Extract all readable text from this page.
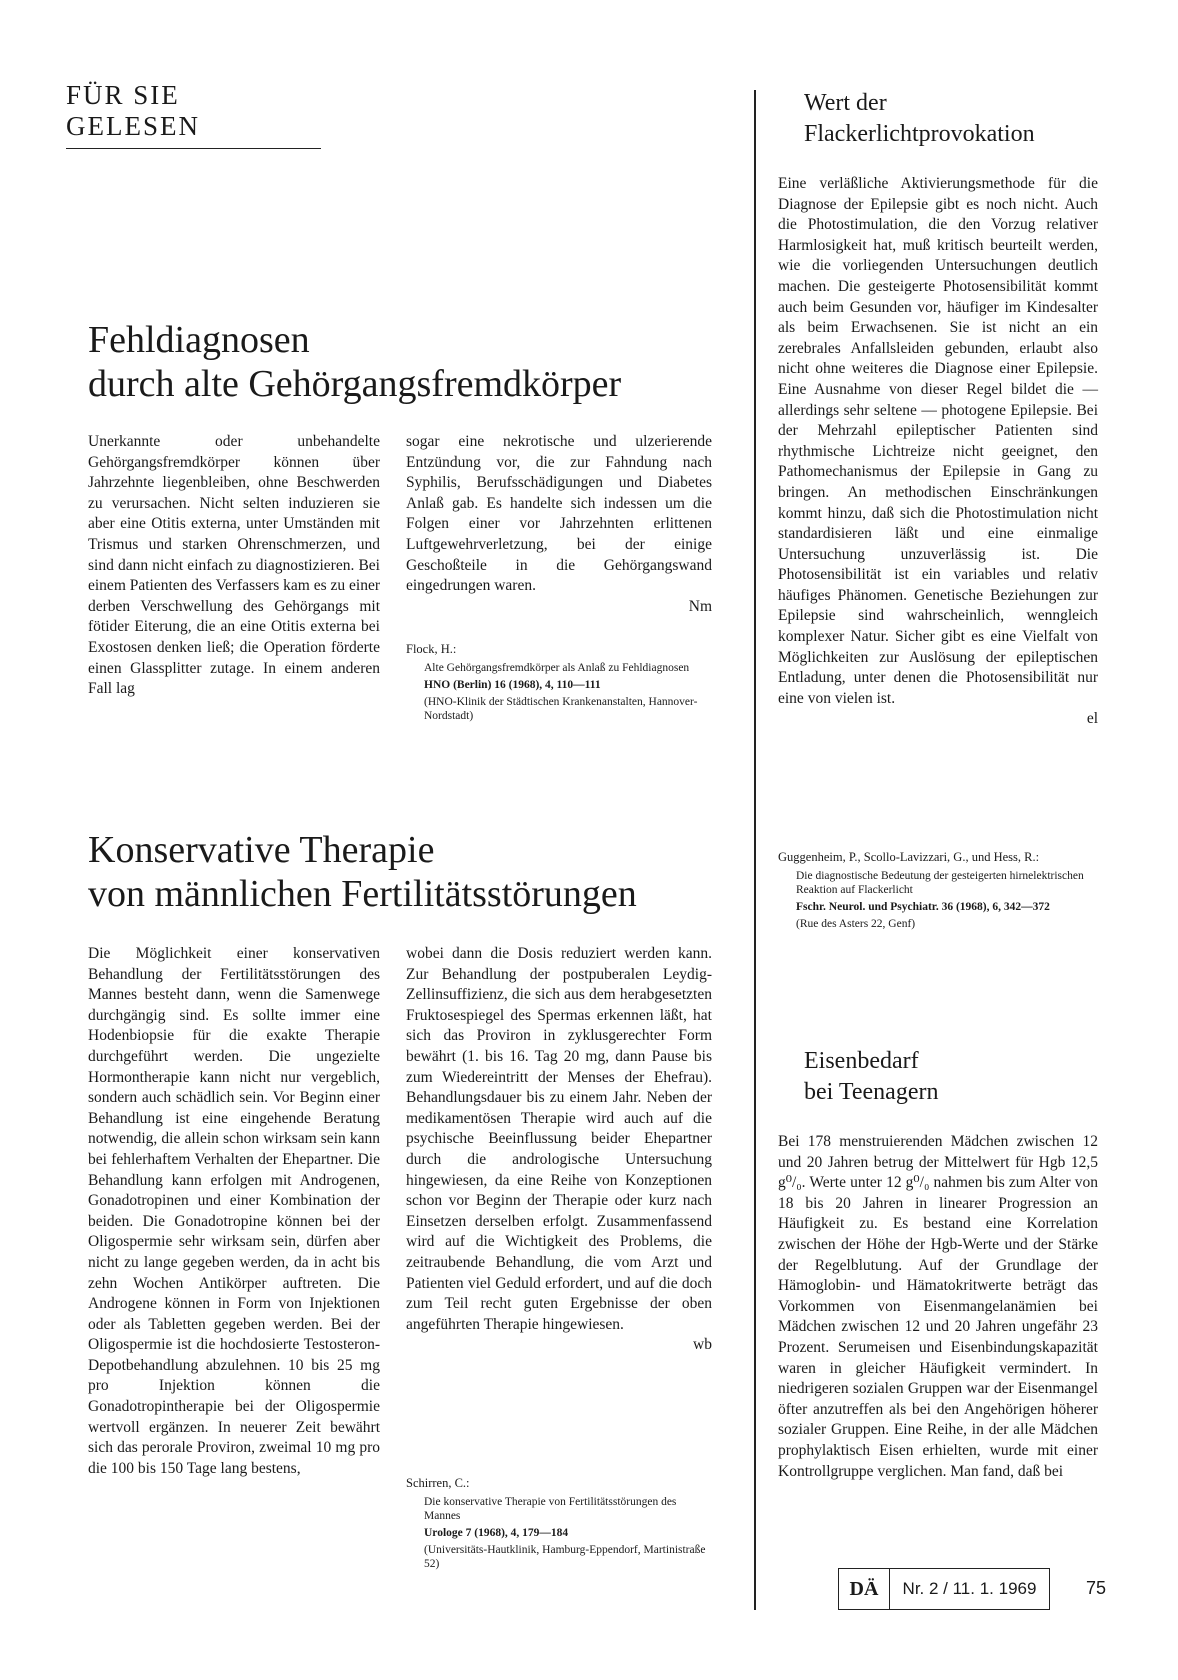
FÜR SIE GELESEN
Fehldiagnosen
durch alte Gehörgangsfremdkörper

Unerkannte oder unbehandelte Gehörgangsfremdkörper können über Jahrzehnte liegenbleiben, ohne Beschwerden zu verursachen. Nicht selten induzieren sie aber eine Otitis externa, unter Umständen mit Trismus und starken Ohrenschmerzen, und sind dann nicht einfach zu diagnostizieren. Bei einem Patienten des Verfassers kam es zu einer derben Verschwellung des Gehörgangs mit fötider Eiterung, die an eine Otitis externa bei Exostosen denken ließ; die Operation förderte einen Glassplitter zutage. In einem anderen Fall lag

sogar eine nekrotische und ulzerierende Entzündung vor, die zur Fahndung nach Syphilis, Berufsschädigungen und Diabetes Anlaß gab. Es handelte sich indessen um die Folgen einer vor Jahrzehnten erlittenen Luftgewehrverletzung, bei der einige Geschoßteile in die Gehörgangswand eingedrungen waren.

Nm
Flock, H.:
Alte Gehörgangsfremdkörper als Anlaß zu Fehldiagnosen
HNO (Berlin) 16 (1968), 4, 110—111
(HNO-Klinik der Städtischen Krankenanstalten, Hannover-Nordstadt)
Konservative Therapie
von männlichen Fertilitätsstörungen

Die Möglichkeit einer konservativen Behandlung der Fertilitätsstörungen des Mannes besteht dann, wenn die Samenwege durchgängig sind. Es sollte immer eine Hodenbiopsie für die exakte Therapie durchgeführt werden. Die ungezielte Hormontherapie kann nicht nur vergeblich, sondern auch schädlich sein. Vor Beginn einer Behandlung ist eine eingehende Beratung notwendig, die allein schon wirksam sein kann bei fehlerhaftem Verhalten der Ehepartner. Die Behandlung kann erfolgen mit Androgenen, Gonadotropinen und einer Kombination der beiden. Die Gonadotropine können bei der Oligospermie sehr wirksam sein, dürfen aber nicht zu lange gegeben werden, da in acht bis zehn Wochen Antikörper auftreten. Die Androgene können in Form von Injektionen oder als Tabletten gegeben werden. Bei der Oligospermie ist die hochdosierte Testosteron-Depotbehandlung abzulehnen. 10 bis 25 mg pro Injektion können die Gonadotropintherapie bei der Oligospermie wertvoll ergänzen. In neuerer Zeit bewährt sich das perorale Proviron, zweimal 10 mg pro die 100 bis 150 Tage lang bestens,

wobei dann die Dosis reduziert werden kann. Zur Behandlung der postpuberalen Leydig-Zellinsuffizienz, die sich aus dem herabgesetzten Fruktosespiegel des Spermas erkennen läßt, hat sich das Proviron in zyklusgerechter Form bewährt (1. bis 16. Tag 20 mg, dann Pause bis zum Wiedereintritt der Menses der Ehefrau). Behandlungsdauer bis zu einem Jahr. Neben der medikamentösen Therapie wird auch auf die psychische Beeinflussung beider Ehepartner durch die andrologische Untersuchung hingewiesen, da eine Reihe von Konzeptionen schon vor Beginn der Therapie oder kurz nach Einsetzen derselben erfolgt. Zusammenfassend wird auf die Wichtigkeit des Problems, die zeitraubende Behandlung, die vom Arzt und Patienten viel Geduld erfordert, und auf die doch zum Teil recht guten Ergebnisse der oben angeführten Therapie hingewiesen.

wb
Schirren, C.:
Die konservative Therapie von Fertilitätsstörungen des Mannes
Urologe 7 (1968), 4, 179—184
(Universitäts-Hautklinik, Hamburg-Eppendorf, Martinistraße 52)
Wert der
Flackerlichtprovokation

Eine verläßliche Aktivierungsmethode für die Diagnose der Epilepsie gibt es noch nicht. Auch die Photostimulation, die den Vorzug relativer Harmlosigkeit hat, muß kritisch beurteilt werden, wie die vorliegenden Untersuchungen deutlich machen. Die gesteigerte Photosensibilität kommt auch beim Gesunden vor, häufiger im Kindesalter als beim Erwachsenen. Sie ist nicht an ein zerebrales Anfallsleiden gebunden, erlaubt also nicht ohne weiteres die Diagnose einer Epilepsie. Eine Ausnahme von dieser Regel bildet die — allerdings sehr seltene — photogene Epilepsie. Bei der Mehrzahl epileptischer Patienten sind rhythmische Lichtreize nicht geeignet, den Pathomechanismus der Epilepsie in Gang zu bringen. An methodischen Einschränkungen kommt hinzu, daß sich die Photostimulation nicht standardisieren läßt und eine einmalige Untersuchung unzuverlässig ist. Die Photosensibilität ist ein variables und relativ häufiges Phänomen. Genetische Beziehungen zur Epilepsie sind wahrscheinlich, wenngleich komplexer Natur. Sicher gibt es eine Vielfalt von Möglichkeiten zur Auslösung der epileptischen Entladung, unter denen die Photosensibilität nur eine von vielen ist.

el
Guggenheim, P., Scollo-Lavizzari, G., und Hess, R.:
Die diagnostische Bedeutung der gesteigerten hirnelektrischen Reaktion auf Flackerlicht
Fschr. Neurol. und Psychiatr. 36 (1968), 6, 342—372
(Rue des Asters 22, Genf)
Eisenbedarf
bei Teenagern

Bei 178 menstruierenden Mädchen zwischen 12 und 20 Jahren betrug der Mittelwert für Hgb 12,5 g⁰/₀. Werte unter 12 g⁰/₀ nahmen bis zum Alter von 18 bis 20 Jahren in linearer Progression an Häufigkeit zu. Es bestand eine Korrelation zwischen der Höhe der Hgb-Werte und der Stärke der Regelblutung. Auf der Grundlage der Hämoglobin- und Hämatokritwerte beträgt das Vorkommen von Eisenmangelanämien bei Mädchen zwischen 12 und 20 Jahren ungefähr 23 Prozent. Serumeisen und Eisenbindungskapazität waren in gleicher Häufigkeit vermindert. In niedrigeren sozialen Gruppen war der Eisenmangel öfter anzutreffen als bei den Angehörigen höherer sozialer Gruppen. Eine Reihe, in der alle Mädchen prophylaktisch Eisen erhielten, wurde mit einer Kontrollgruppe verglichen. Man fand, daß bei

DÄ	Nr. 2 / 11. 1. 1969	75
